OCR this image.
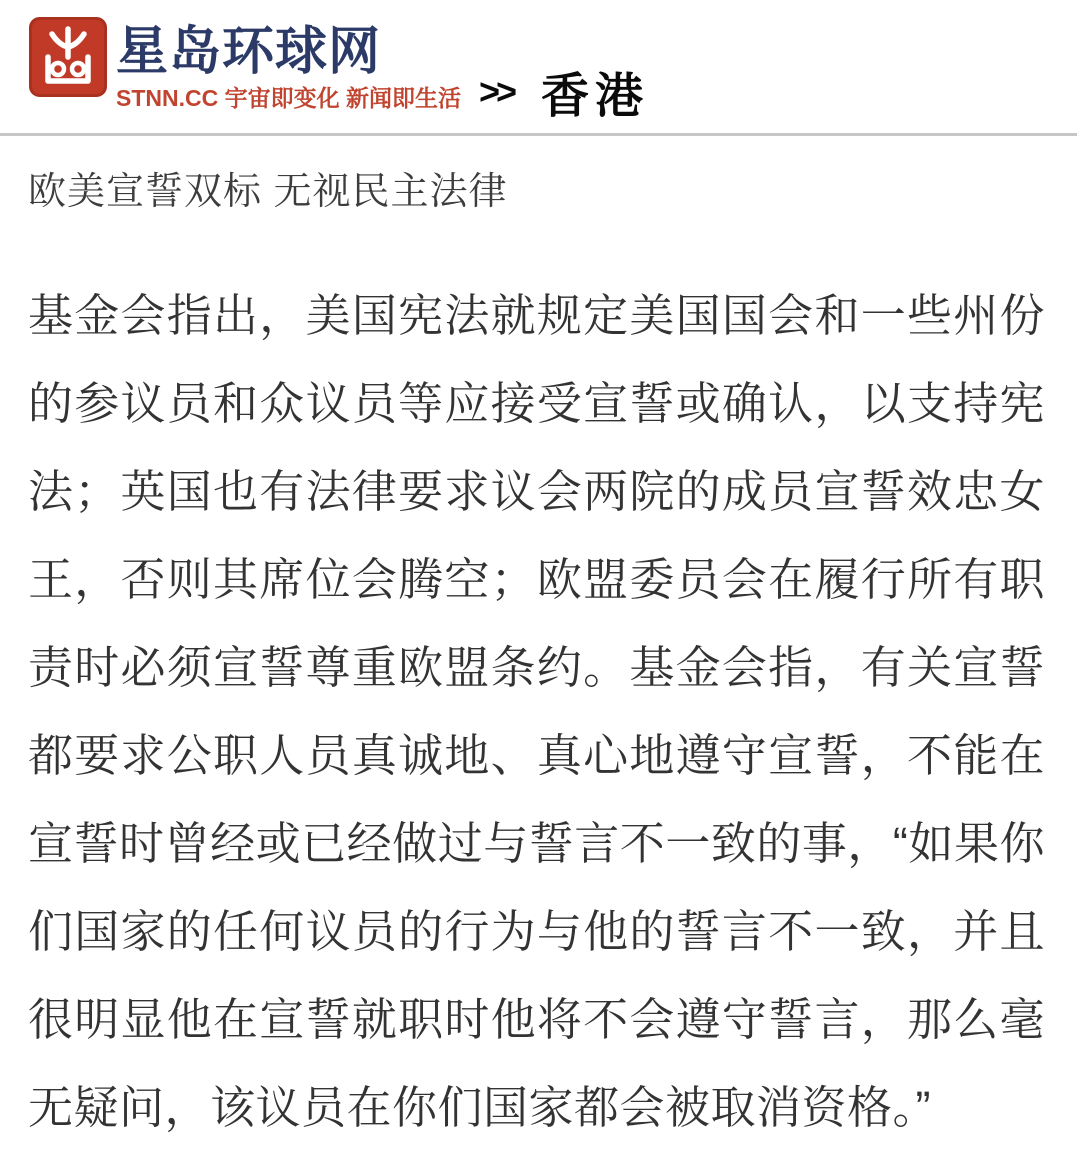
星岛环球网
STNN.CC 宇宙即变化 新闻即生活 >> 香港
欧美宣誓双标 无视民主法律

基金会指出，美国宪法就规定美国国会和一些州份的参议员和众议员等应接受宣誓或确认，以支持宪法；英国也有法律要求议会两院的成员宣誓效忠女王，否则其席位会腾空；欧盟委员会在履行所有职责时必须宣誓尊重欧盟条约。基金会指，有关宣誓都要求公职人员真诚地、真心地遵守宣誓，不能在宣誓时曾经或已经做过与誓言不一致的事，“如果你们国家的任何议员的行为与他的誓言不一致，并且很明显他在宣誓就职时他将不会遵守誓言，那么毫无疑问，该议员在你们国家都会被取消资格。”
